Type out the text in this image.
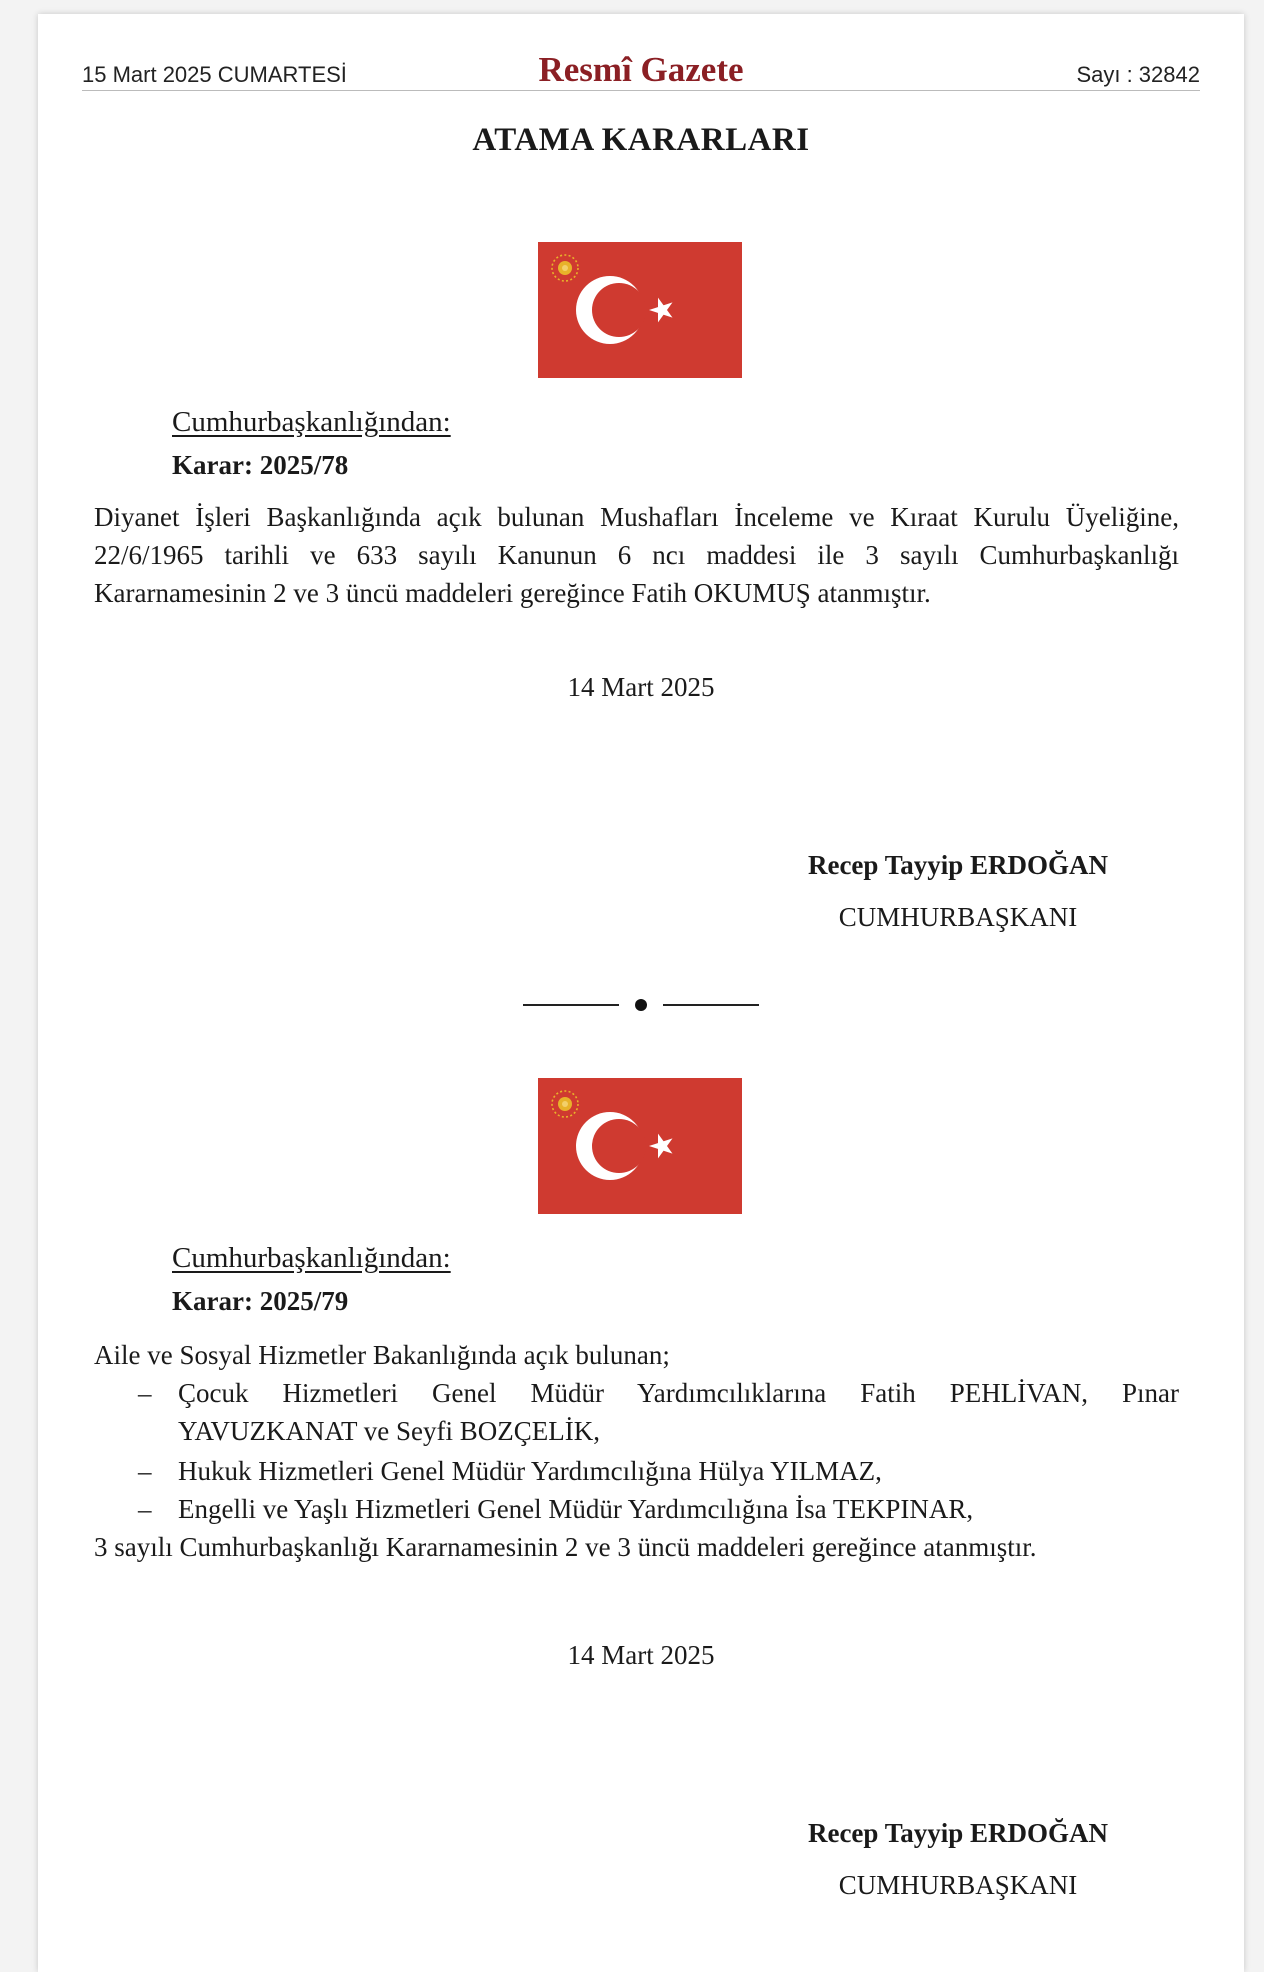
15 Mart 2025 CUMARTESİ	Resmî Gazete	Sayı : 32842
ATAMA KARARLARI
Cumhurbaşkanlığından:
Karar: 2025/78
Diyanet İşleri Başkanlığında açık bulunan Mushafları İnceleme ve Kıraat Kurulu Üyeliğine,
22/6/1965 tarihli ve 633 sayılı Kanunun 6 ncı maddesi ile 3 sayılı Cumhurbaşkanlığı
Kararnamesinin 2 ve 3 üncü maddeleri gereğince Fatih OKUMUŞ atanmıştır.
14 Mart 2025
Recep Tayyip ERDOĞAN
CUMHURBAŞKANI
Cumhurbaşkanlığından:
Karar: 2025/79
Aile ve Sosyal Hizmetler Bakanlığında açık bulunan;
– Çocuk Hizmetleri Genel Müdür Yardımcılıklarına Fatih PEHLİVAN, Pınar
YAVUZKANAT ve Seyfi BOZÇELİK,
– Hukuk Hizmetleri Genel Müdür Yardımcılığına Hülya YILMAZ,
– Engelli ve Yaşlı Hizmetleri Genel Müdür Yardımcılığına İsa TEKPINAR,
3 sayılı Cumhurbaşkanlığı Kararnamesinin 2 ve 3 üncü maddeleri gereğince atanmıştır.
14 Mart 2025
Recep Tayyip ERDOĞAN
CUMHURBAŞKANI
